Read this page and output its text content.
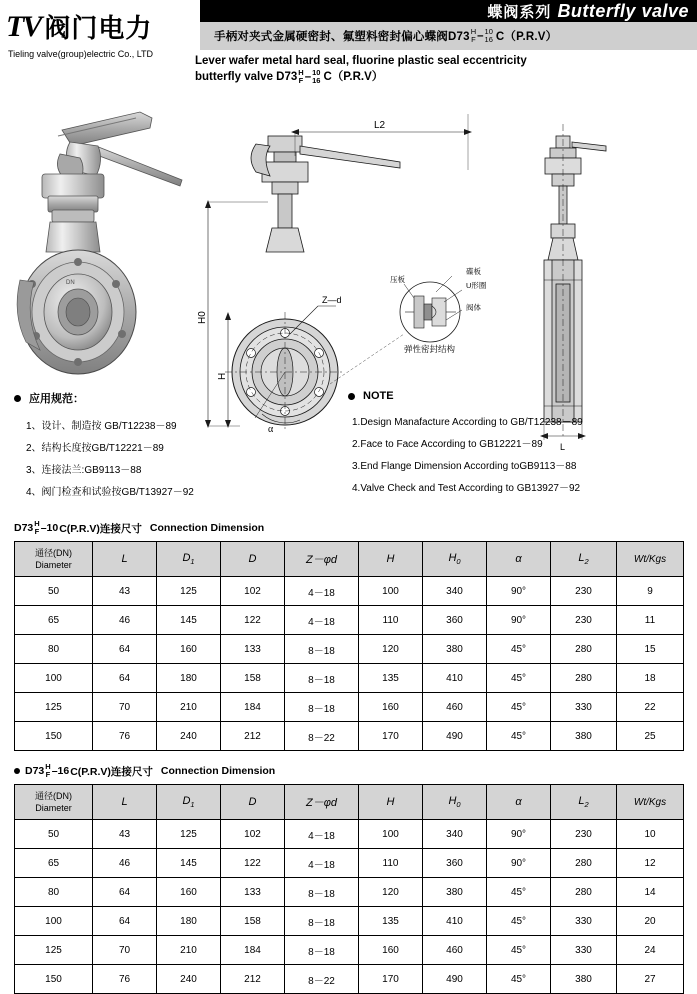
TV 阀门电力
Tieling valve(group)electric Co., LTD
蝶阀系列 Butterfly valve
手柄对夹式金属硬密封、氟塑料密封偏心蝶阀D73 H
F – 10
16 C（P.R.V）
Lever wafer metal hard seal, fluorine plastic seal eccentricity
butterfly valve D73 H
F – 10
16 C（P.R.V）
DN
Z—d
H0
H
α
L2
碟板
U形圈
压板
阀体
弹性密封结构
L
应用规范：
1、设计、制造按 GB/T12238－89
2、结构长度按GB/T12221－89
3、连接法兰:GB9113－88
4、阀门检查和试验按GB/T13927－92
NOTE
1.Design Manafacture According to GB/T12238－89
2.Face to Face According to GB12221－89
3.End Flange Dimension According toGB9113－88
4.Valve Check and Test According to GB13927－92
D73 H
F – 10 C(P.R.V)连接尺寸 Connection Dimension
通径(DN)
Diameter	L	$D_1$	D	Z－φd	H	$H_0$	α	$L_2$	Wt/Kgs
50	43	125	102	4－18	100	340	90°	230	9
65	46	145	122	4－18	110	360	90°	230	11
80	64	160	133	8－18	120	380	45°	280	15
100	64	180	158	8－18	135	410	45°	280	18
125	70	210	184	8－18	160	460	45°	330	22
150	76	240	212	8－22	170	490	45°	380	25
D73 H
F – 16 C(P.R.V)连接尺寸 Connection Dimension
通径(DN)
Diameter	L	$D_1$	D	Z－φd	H	$H_0$	α	$L_2$	Wt/Kgs
50	43	125	102	4－18	100	340	90°	230	10
65	46	145	122	4－18	110	360	90°	280	12
80	64	160	133	8－18	120	380	45°	280	14
100	64	180	158	8－18	135	410	45°	330	20
125	70	210	184	8－18	160	460	45°	330	24
150	76	240	212	8－22	170	490	45°	380	27
